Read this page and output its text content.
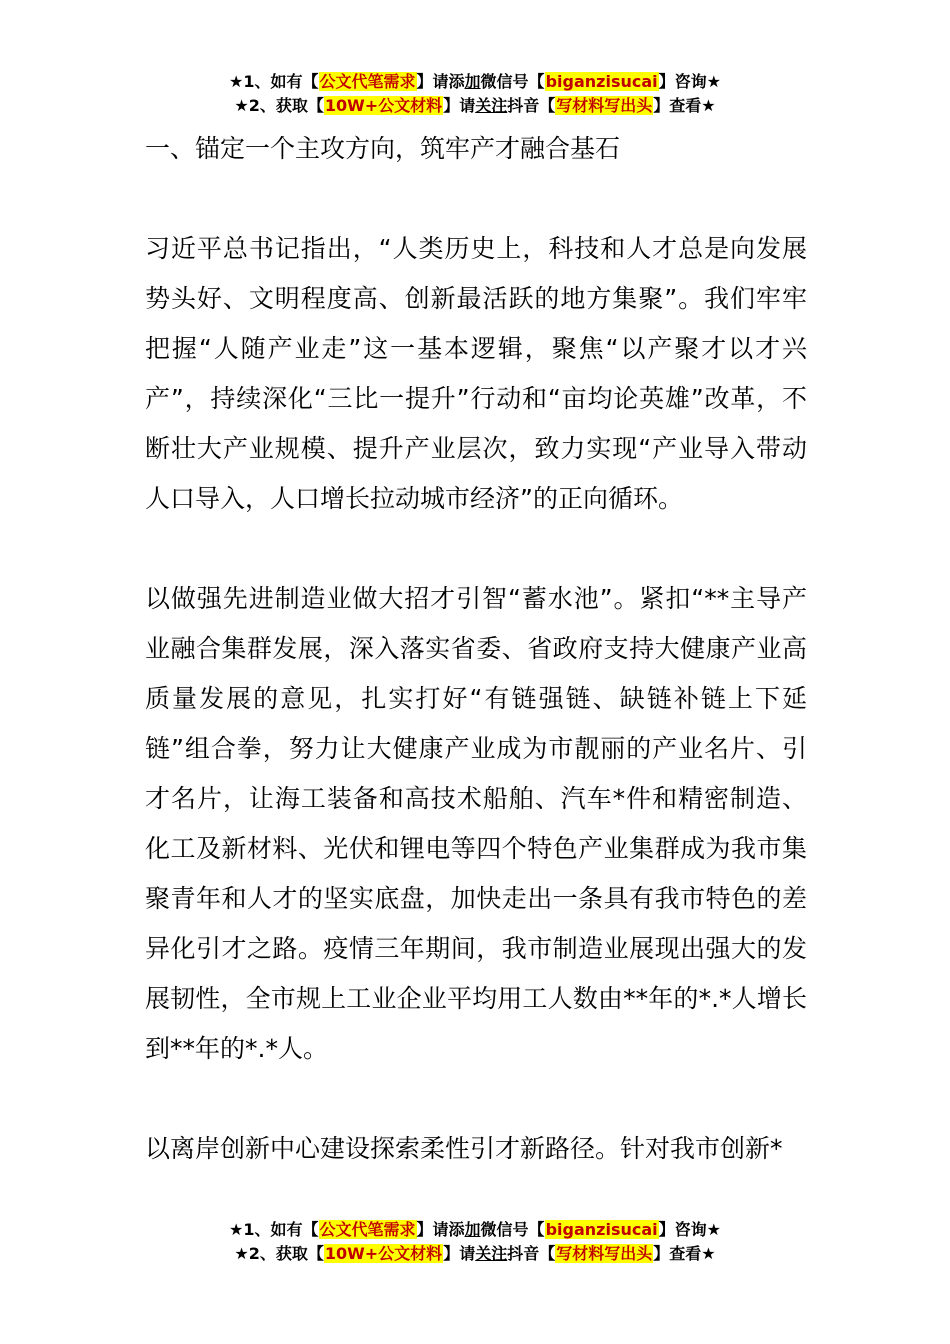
★1、如有【公文代笔需求】请添加微信号【biganzisucai】咨询★
★2、获取【10W+公文材料】请关注抖音【写材料写出头】查看★

一、锚定一个主攻方向，筑牢产才融合基石

习近平总书记指出，“人类历史上，科技和人才总是向发展势头好、文明程度高、创新最活跃的地方集聚”。我们牢牢把握“人随产业走”这一基本逻辑，聚焦“以产聚才以才兴产”，持续深化“三比一提升”行动和“亩均论英雄”改革，不断壮大产业规模、提升产业层次，致力实现“产业导入带动人口导入，人口增长拉动城市经济”的正向循环。

以做强先进制造业做大招才引智“蓄水池”。紧扣“**主导产业融合集群发展，深入落实省委、省政府支持大健康产业高质量发展的意见，扎实打好“有链强链、缺链补链上下延链”组合拳，努力让大健康产业成为市靓丽的产业名片、引才名片，让海工装备和高技术船舶、汽车*件和精密制造、化工及新材料、光伏和锂电等四个特色产业集群成为我市集聚青年和人才的坚实底盘，加快走出一条具有我市特色的差异化引才之路。疫情三年期间，我市制造业展现出强大的发展韧性，全市规上工业企业平均用工人数由**年的*.*人增长到**年的*.*人。

以离岸创新中心建设探索柔性引才新路径。针对我市创新*

★1、如有【公文代笔需求】请添加微信号【biganzisucai】咨询★
★2、获取【10W+公文材料】请关注抖音【写材料写出头】查看★
